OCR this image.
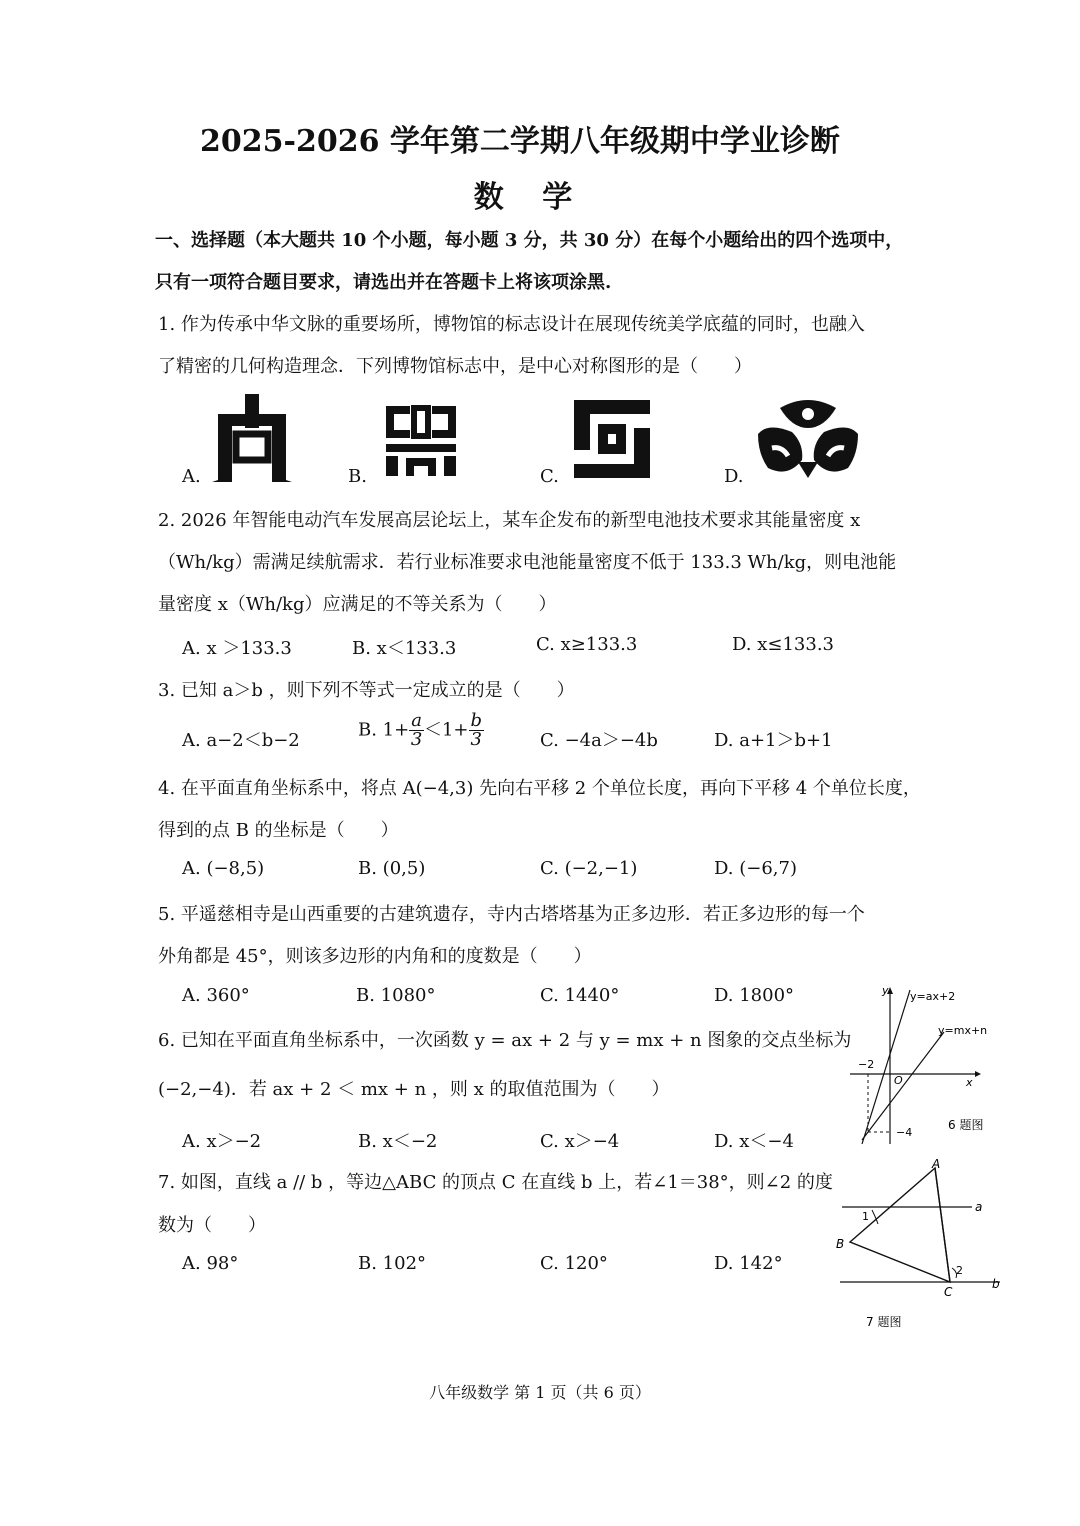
2025-2026 学年第二学期八年级期中学业诊断
数 学
一、选择题（本大题共 10 个小题，每小题 3 分，共 30 分）在每个小题给出的四个选项中，
只有一项符合题目要求，请选出并在答题卡上将该项涂黑.
1. 作为传承中华文脉的重要场所，博物馆的标志设计在展现传统美学底蕴的同时，也融入
了精密的几何构造理念．下列博物馆标志中，是中心对称图形的是（　　）
A.	B.	C.	D.
2. 2026 年智能电动汽车发展高层论坛上，某车企发布的新型电池技术要求其能量密度 x
（Wh/kg）需满足续航需求．若行业标准要求电池能量密度不低于 133.3 Wh/kg，则电池能
量密度 x（Wh/kg）应满足的不等关系为（　　）
A. x ＞133.3	B. x＜133.3	C. x≥133.3	D. x≤133.3
3. 已知 a＞b ，则下列不等式一定成立的是（　　）
A. a−2＜b−2	B. $1+ \frac{a}{3} <1+ \frac{b}{3}$	C. −4a＞−4b	D. a+1＞b+1
4. 在平面直角坐标系中，将点 A(−4,3) 先向右平移 2 个单位长度，再向下平移 4 个单位长度，
得到的点 B 的坐标是（　　）
A. (−8,5)	B. (0,5)	C. (−2,−1)	D. (−6,7)
5. 平遥慈相寺是山西重要的古建筑遗存，寺内古塔塔基为正多边形．若正多边形的每一个
外角都是 45°，则该多边形的内角和的度数是（　　）
A. 360°	B. 1080°	C. 1440°	D. 1800°
6. 已知在平面直角坐标系中，一次函数 y = ax + 2 与 y = mx + n 图象的交点坐标为
(−2,−4)．若 ax + 2 ＜ mx + n ，则 x 的取值范围为（　　）
A. x＞−2	B. x＜−2	C. x＞−4	D. x＜−4
y
x
y=ax+2
y=mx+n
−2
O
−4
6 题图
7. 如图，直线 a // b ，等边△ABC 的顶点 C 在直线 b 上，若∠1＝38°，则∠2 的度
数为（　　）
A. 98°	B. 102°	C. 120°	D. 142°
A
B
C
a
b
1
2
7 题图
八年级数学 第 1 页（共 6 页）
